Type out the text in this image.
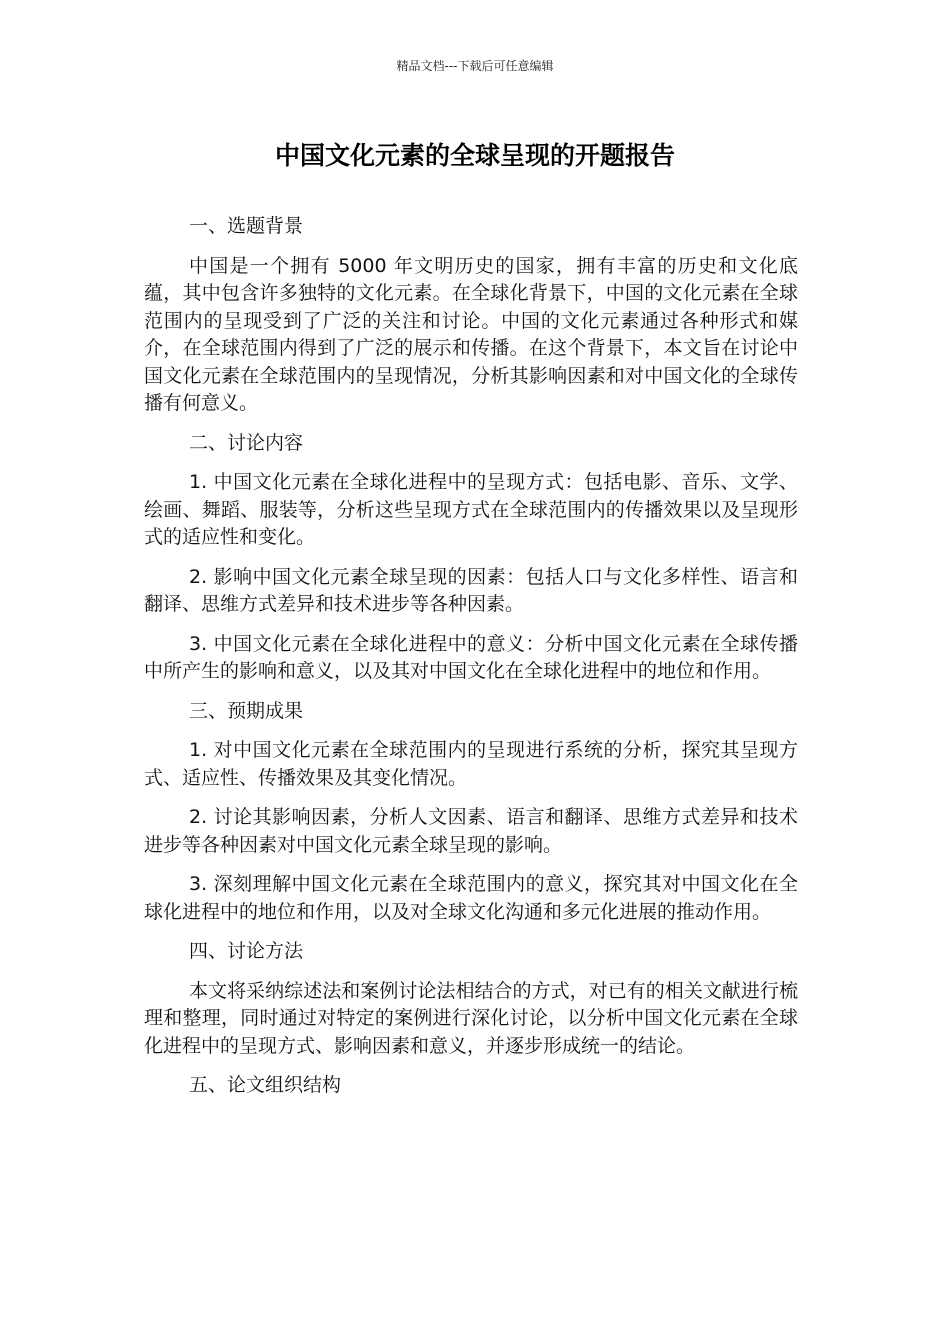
精品文档---下载后可任意编辑
中国文化元素的全球呈现的开题报告

一、选题背景

中国是一个拥有 5000 年文明历史的国家，拥有丰富的历史和文化底蕴，其中包含许多独特的文化元素。在全球化背景下，中国的文化元素在全球范围内的呈现受到了广泛的关注和讨论。中国的文化元素通过各种形式和媒介，在全球范围内得到了广泛的展示和传播。在这个背景下，本文旨在讨论中国文化元素在全球范围内的呈现情况，分析其影响因素和对中国文化的全球传播有何意义。

二、讨论内容

1. 中国文化元素在全球化进程中的呈现方式：包括电影、音乐、文学、绘画、舞蹈、服装等，分析这些呈现方式在全球范围内的传播效果以及呈现形式的适应性和变化。

2. 影响中国文化元素全球呈现的因素：包括人口与文化多样性、语言和翻译、思维方式差异和技术进步等各种因素。

3. 中国文化元素在全球化进程中的意义：分析中国文化元素在全球传播中所产生的影响和意义，以及其对中国文化在全球化进程中的地位和作用。

三、预期成果

1. 对中国文化元素在全球范围内的呈现进行系统的分析，探究其呈现方式、适应性、传播效果及其变化情况。

2. 讨论其影响因素，分析人文因素、语言和翻译、思维方式差异和技术进步等各种因素对中国文化元素全球呈现的影响。

3. 深刻理解中国文化元素在全球范围内的意义，探究其对中国文化在全球化进程中的地位和作用，以及对全球文化沟通和多元化进展的推动作用。

四、讨论方法

本文将采纳综述法和案例讨论法相结合的方式，对已有的相关文献进行梳理和整理，同时通过对特定的案例进行深化讨论，以分析中国文化元素在全球化进程中的呈现方式、影响因素和意义，并逐步形成统一的结论。

五、论文组织结构
